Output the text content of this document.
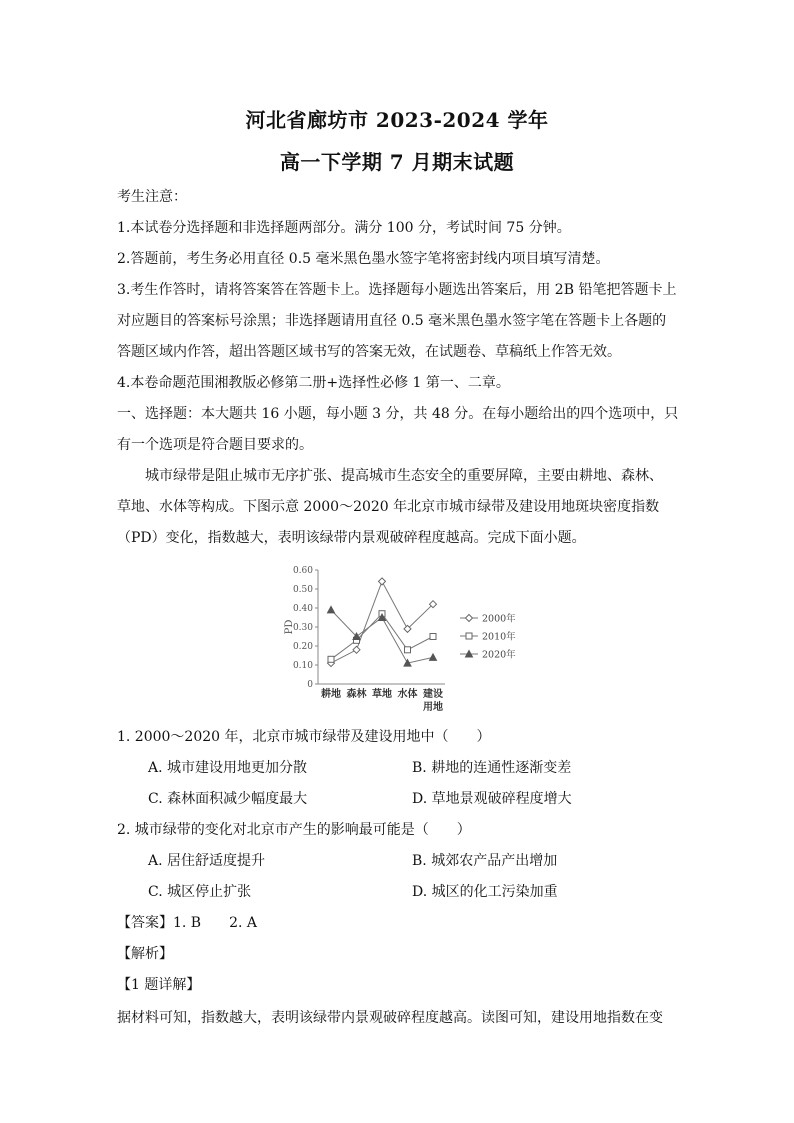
河北省廊坊市 2023-2024 学年
高一下学期 7 月期末试题
考生注意：
1.本试卷分选择题和非选择题两部分。满分 100 分，考试时间 75 分钟。
2.答题前，考生务必用直径 0.5 毫米黑色墨水签字笔将密封线内项目填写清楚。
3.考生作答时，请将答案答在答题卡上。选择题每小题选出答案后，用 2B 铅笔把答题卡上
对应题目的答案标号涂黑；非选择题请用直径 0.5 毫米黑色墨水签字笔在答题卡上各题的
答题区域内作答，超出答题区域书写的答案无效，在试题卷、草稿纸上作答无效。
4.本卷命题范围湘教版必修第二册+选择性必修 1 第一、二章。
一、选择题：本大题共 16 小题，每小题 3 分，共 48 分。在每小题给出的四个选项中，只
有一个选项是符合题目要求的。
城市绿带是阻止城市无序扩张、提高城市生态安全的重要屏障，主要由耕地、森林、
草地、水体等构成。下图示意 2000～2020 年北京市城市绿带及建设用地斑块密度指数
（PD）变化，指数越大，表明该绿带内景观破碎程度越高。完成下面小题。
0
0.10
0.20
0.30
0.40
0.50
0.60
PD
耕地 森林 草地 水体 建设
用地
2000年
2010年
2020年
1. 2000～2020 年，北京市城市绿带及建设用地中（　　）
A. 城市建设用地更加分散	B. 耕地的连通性逐渐变差
C. 森林面积减少幅度最大	D. 草地景观破碎程度增大
2. 城市绿带的变化对北京市产生的影响最可能是（　　）
A. 居住舒适度提升	B. 城郊农产品产出增加
C. 城区停止扩张	D. 城区的化工污染加重
【答案】1. B　　2. A
【解析】
【1 题详解】
据材料可知，指数越大，表明该绿带内景观破碎程度越高。读图可知，建设用地指数在变
